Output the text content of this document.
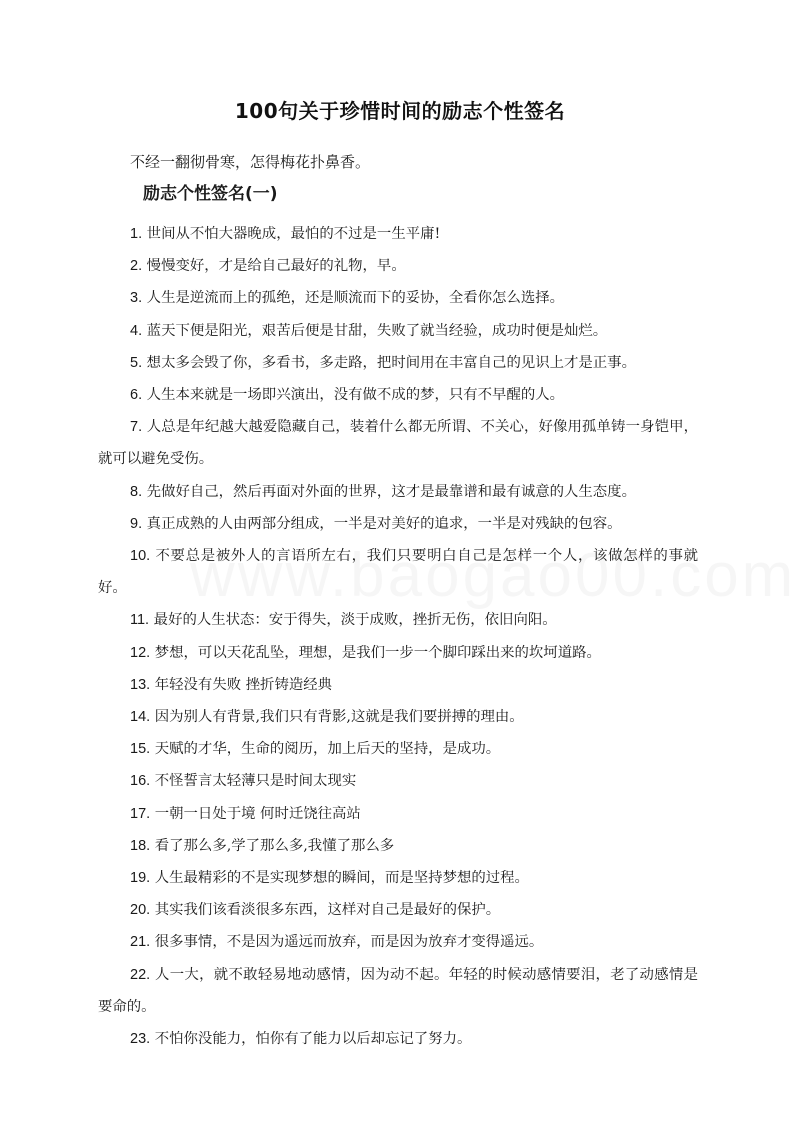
100句关于珍惜时间的励志个性签名
不经一翻彻骨寒，怎得梅花扑鼻香。
励志个性签名(一)
1. 世间从不怕大器晚成，最怕的不过是一生平庸!
2. 慢慢变好，才是给自己最好的礼物，早。
3. 人生是逆流而上的孤绝，还是顺流而下的妥协，全看你怎么选择。
4. 蓝天下便是阳光，艰苦后便是甘甜，失败了就当经验，成功时便是灿烂。
5. 想太多会毁了你，多看书，多走路，把时间用在丰富自己的见识上才是正事。
6. 人生本来就是一场即兴演出，没有做不成的梦，只有不早醒的人。
7. 人总是年纪越大越爱隐藏自己，装着什么都无所谓、不关心，好像用孤单铸一身铠甲，就可以避免受伤。
8. 先做好自己，然后再面对外面的世界，这才是最靠谱和最有诚意的人生态度。
9. 真正成熟的人由两部分组成，一半是对美好的追求，一半是对残缺的包容。
10. 不要总是被外人的言语所左右，我们只要明白自己是怎样一个人，该做怎样的事就好。
11. 最好的人生状态：安于得失，淡于成败，挫折无伤，依旧向阳。
12. 梦想，可以天花乱坠，理想，是我们一步一个脚印踩出来的坎坷道路。
13. 年轻没有失败 挫折铸造经典
14. 因为别人有背景,我们只有背影,这就是我们要拼搏的理由。
15. 天赋的才华，生命的阅历，加上后天的坚持，是成功。
16. 不怪誓言太轻薄只是时间太现实
17. 一朝一日处于境 何时迁饶往高站
18. 看了那么多,学了那么多,我懂了那么多
19. 人生最精彩的不是实现梦想的瞬间，而是坚持梦想的过程。
20. 其实我们该看淡很多东西，这样对自己是最好的保护。
21. 很多事情，不是因为遥远而放弃，而是因为放弃才变得遥远。
22. 人一大，就不敢轻易地动感情，因为动不起。年轻的时候动感情要泪，老了动感情是要命的。
23. 不怕你没能力，怕你有了能力以后却忘记了努力。
